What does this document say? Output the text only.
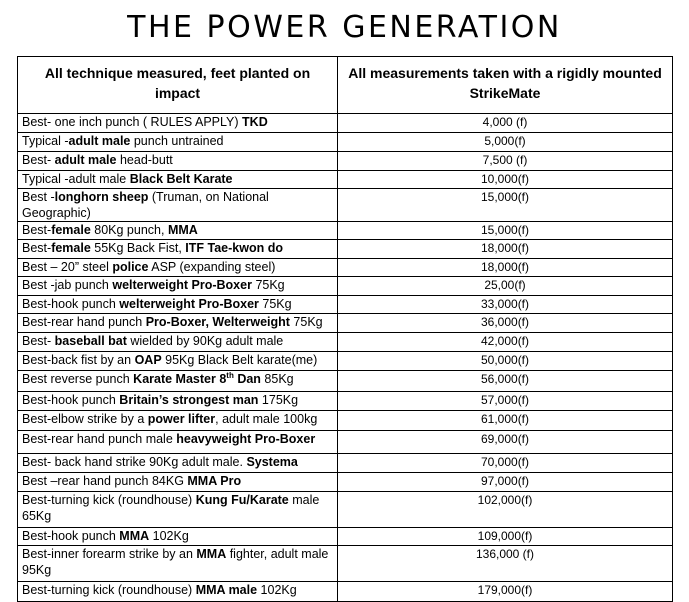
THE POWER GENERATION
All technique measured, feet planted on impact	All measurements taken with a rigidly mounted StrikeMate
Best- one inch punch ( RULES APPLY) TKD	4,000 (f)
Typical -adult male punch untrained	5,000(f)
Best- adult male head-butt	7,500 (f)
Typical -adult male Black Belt Karate	10,000(f)
Best -longhorn sheep (Truman, on National Geographic)	15,000(f)
Best-female 80Kg punch, MMA	15,000(f)
Best-female 55Kg Back Fist, ITF Tae-kwon do	18,000(f)
Best – 20” steel police ASP (expanding steel)	18,000(f)
Best -jab punch welterweight Pro-Boxer 75Kg	25,00(f)
Best-hook punch welterweight Pro-Boxer 75Kg	33,000(f)
Best-rear hand punch Pro-Boxer, Welterweight 75Kg	36,000(f)
Best- baseball bat wielded by 90Kg adult male	42,000(f)
Best-back fist by an OAP 95Kg Black Belt karate(me)	50,000(f)
Best reverse punch Karate Master 8th Dan 85Kg	56,000(f)
Best-hook punch Britain’s strongest man 175Kg	57,000(f)
Best-elbow strike by a power lifter, adult male 100kg	61,000(f)
Best-rear hand punch male heavyweight Pro-Boxer	69,000(f)
Best- back hand strike 90Kg adult male. Systema	70,000(f)
Best –rear hand punch 84KG MMA Pro	97,000(f)
Best-turning kick (roundhouse) Kung Fu/Karate male 65Kg	102,000(f)
Best-hook punch MMA 102Kg	109,000(f)
Best-inner forearm strike by an MMA fighter, adult male 95Kg	136,000 (f)
Best-turning kick (roundhouse) MMA male 102Kg	179,000(f)
